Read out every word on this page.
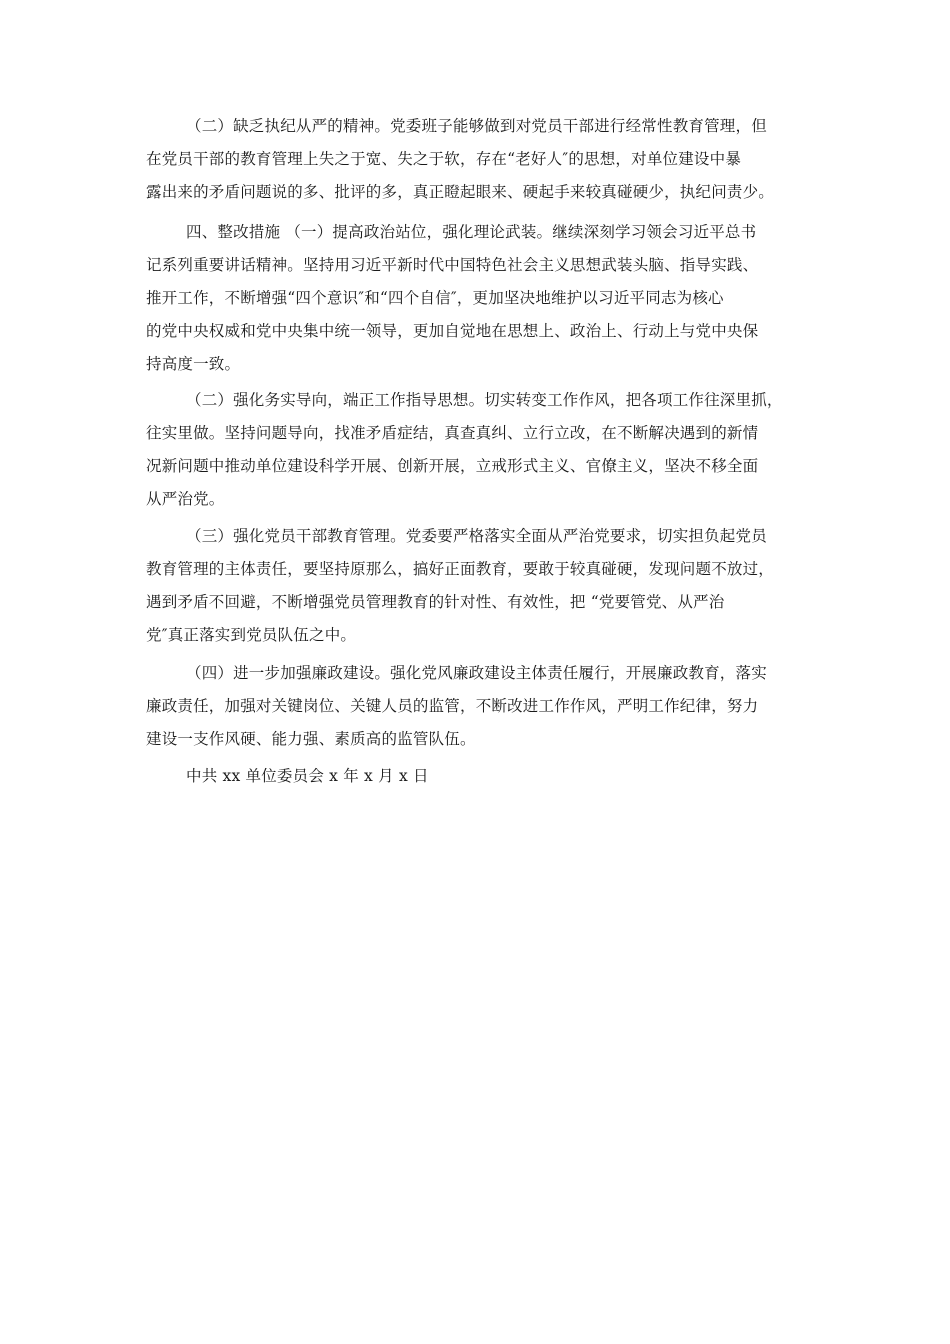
（二）缺乏执纪从严的精神。党委班子能够做到对党员干部进行经常性教育管理，但
在党员干部的教育管理上失之于宽、失之于软，存在“老好人″的思想，对单位建设中暴
露出来的矛盾问题说的多、批评的多，真正瞪起眼来、硬起手来较真碰硬少，执纪问责少。
四、整改措施 （一）提高政治站位，强化理论武装。继续深刻学习领会习近平总书
记系列重要讲话精神。坚持用习近平新时代中国特色社会主义思想武装头脑、指导实践、
推开工作，不断增强“四个意识″和“四个自信″，更加坚决地维护以习近平同志为核心
的党中央权威和党中央集中统一领导，更加自觉地在思想上、政治上、行动上与党中央保
持高度一致。
（二）强化务实导向，端正工作指导思想。切实转变工作作风，把各项工作往深里抓，
往实里做。坚持问题导向，找准矛盾症结，真查真纠、立行立改，在不断解决遇到的新情
况新问题中推动单位建设科学开展、创新开展，立戒形式主义、官僚主义，坚决不移全面
从严治党。
（三）强化党员干部教育管理。党委要严格落实全面从严治党要求，切实担负起党员
教育管理的主体责任，要坚持原那么，搞好正面教育，要敢于较真碰硬，发现问题不放过，
遇到矛盾不回避，不断增强党员管理教育的针对性、有效性，把 “党要管党、从严治
党″真正落实到党员队伍之中。
（四）进一步加强廉政建设。强化党风廉政建设主体责任履行，开展廉政教育，落实
廉政责任，加强对关键岗位、关键人员的监管，不断改进工作作风，严明工作纪律，努力
建设一支作风硬、能力强、素质高的监管队伍。
中共 xx 单位委员会 x 年 x 月 x 日
